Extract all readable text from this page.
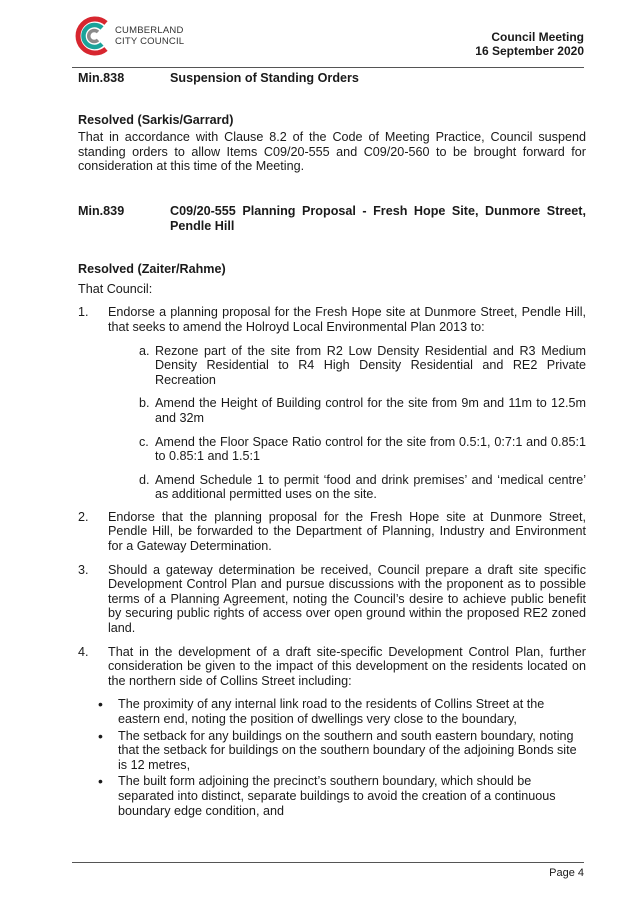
CUMBERLAND
CITY COUNCIL	Council Meeting
16 September 2020
Min.838	Suspension of Standing Orders
Resolved (Sarkis/Garrard)
That in accordance with Clause 8.2 of the Code of Meeting Practice, Council suspend standing orders to allow Items C09/20-555 and C09/20-560 to be brought forward for consideration at this time of the Meeting.
Min.839	C09/20-555 Planning Proposal - Fresh Hope Site, Dunmore Street, Pendle Hill
Resolved (Zaiter/Rahme)
That Council:
1.	Endorse a planning proposal for the Fresh Hope site at Dunmore Street, Pendle Hill, that seeks to amend the Holroyd Local Environmental Plan 2013 to:
a. Rezone part of the site from R2 Low Density Residential and R3 Medium Density Residential to R4 High Density Residential and RE2 Private Recreation
b. Amend the Height of Building control for the site from 9m and 11m to 12.5m and 32m
c. Amend the Floor Space Ratio control for the site from 0.5:1, 0:7:1 and 0.85:1 to 0.85:1 and 1.5:1
d. Amend Schedule 1 to permit ‘food and drink premises’ and ‘medical centre’ as additional permitted uses on the site.
2.	Endorse that the planning proposal for the Fresh Hope site at Dunmore Street, Pendle Hill, be forwarded to the Department of Planning, Industry and Environment for a Gateway Determination.
3.	Should a gateway determination be received, Council prepare a draft site specific Development Control Plan and pursue discussions with the proponent as to possible terms of a Planning Agreement, noting the Council’s desire to achieve public benefit by securing public rights of access over open ground within the proposed RE2 zoned land.
4.	That in the development of a draft site-specific Development Control Plan, further consideration be given to the impact of this development on the residents located on the northern side of Collins Street including:
•	The proximity of any internal link road to the residents of Collins Street at the eastern end, noting the position of dwellings very close to the boundary,
•	The setback for any buildings on the southern and south eastern boundary, noting that the setback for buildings on the southern boundary of the adjoining Bonds site is 12 metres,
•	The built form adjoining the precinct’s southern boundary, which should be separated into distinct, separate buildings to avoid the creation of a continuous boundary edge condition, and
Page 4
